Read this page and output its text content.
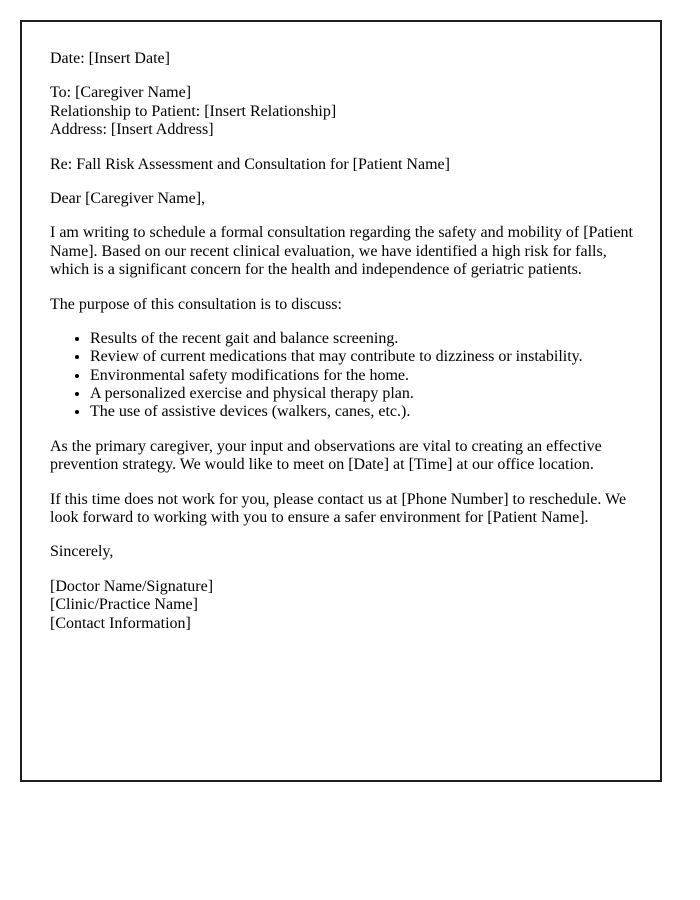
Date: [Insert Date]

To: [Caregiver Name]
Relationship to Patient: [Insert Relationship]
Address: [Insert Address]

Re: Fall Risk Assessment and Consultation for [Patient Name]

Dear [Caregiver Name],

I am writing to schedule a formal consultation regarding the safety and mobility of [Patient Name]. Based on our recent clinical evaluation, we have identified a high risk for falls, which is a significant concern for the health and independence of geriatric patients.

The purpose of this consultation is to discuss:

• Results of the recent gait and balance screening.
• Review of current medications that may contribute to dizziness or instability.
• Environmental safety modifications for the home.
• A personalized exercise and physical therapy plan.
• The use of assistive devices (walkers, canes, etc.).

As the primary caregiver, your input and observations are vital to creating an effective prevention strategy. We would like to meet on [Date] at [Time] at our office location.

If this time does not work for you, please contact us at [Phone Number] to reschedule. We look forward to working with you to ensure a safer environment for [Patient Name].

Sincerely,

[Doctor Name/Signature]
[Clinic/Practice Name]
[Contact Information]
